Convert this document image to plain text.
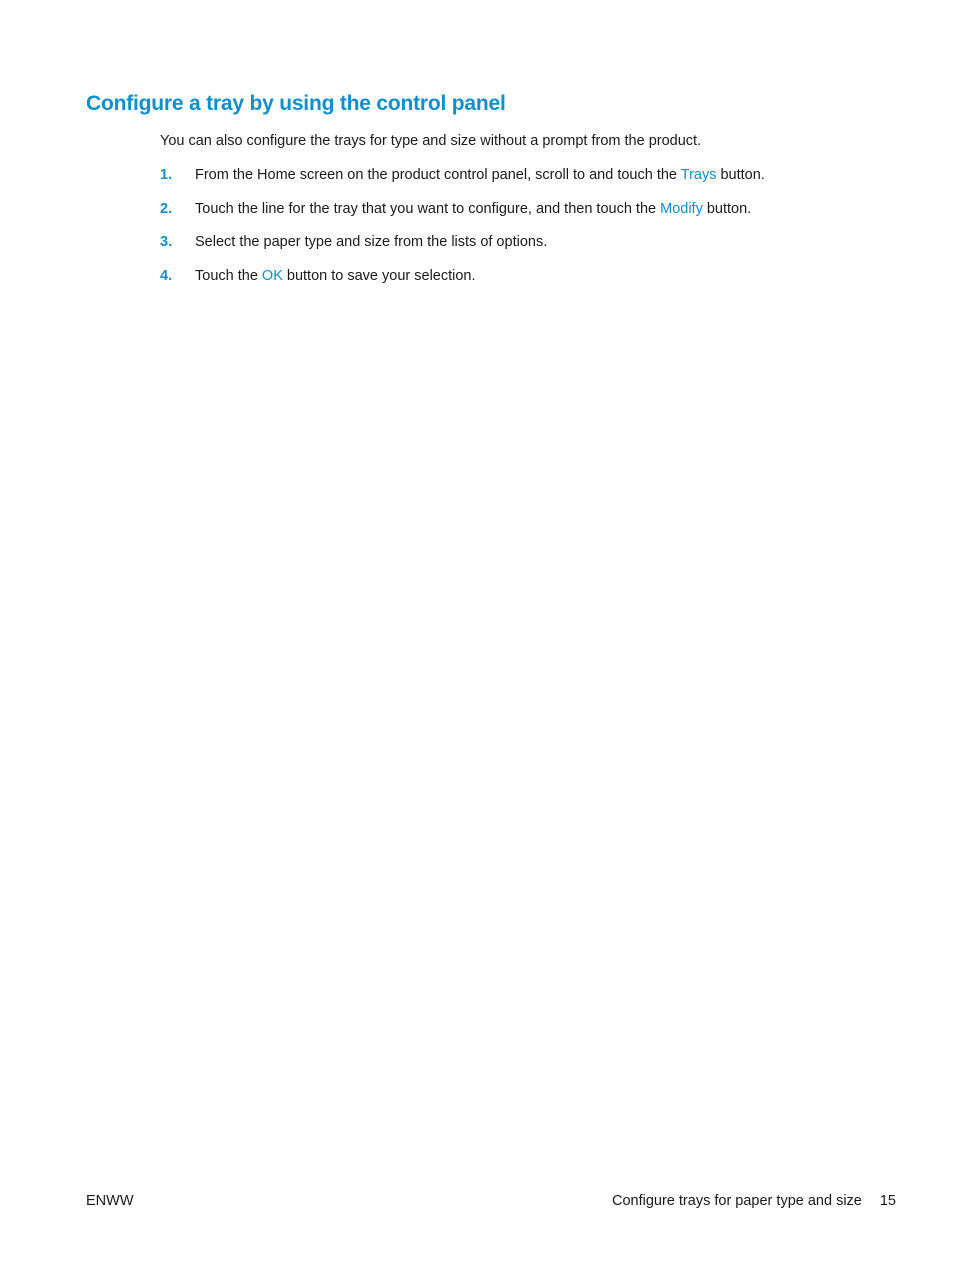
Configure a tray by using the control panel

You can also configure the trays for type and size without a prompt from the product.

1. From the Home screen on the product control panel, scroll to and touch the Trays button.
2. Touch the line for the tray that you want to configure, and then touch the Modify button.
3. Select the paper type and size from the lists of options.
4. Touch the OK button to save your selection.
ENWW	Configure trays for paper type and size 15
